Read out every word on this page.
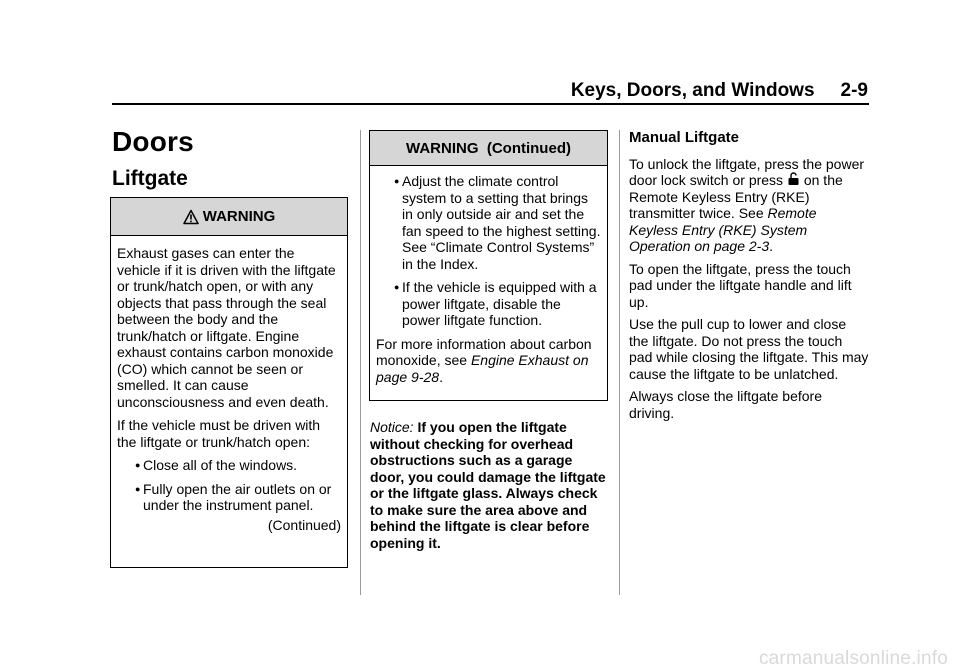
Keys, Doors, and Windows 2-9
Doors
Liftgate
WARNING

Exhaust gases can enter the vehicle if it is driven with the liftgate or trunk/hatch open, or with any objects that pass through the seal between the body and the trunk/hatch or liftgate. Engine exhaust contains carbon monoxide (CO) which cannot be seen or smelled. It can cause unconsciousness and even death.

If the vehicle must be driven with the liftgate or trunk/hatch open:

● Close all of the windows.
● Fully open the air outlets on or under the instrument panel.
(Continued)
WARNING  (Continued)
● Adjust the climate control system to a setting that brings in only outside air and set the fan speed to the highest setting. See “Climate Control Systems” in the Index.
● If the vehicle is equipped with a power liftgate, disable the power liftgate function.

For more information about carbon monoxide, see Engine Exhaust on page 9‑28.

Notice: If you open the liftgate without checking for overhead obstructions such as a garage door, you could damage the liftgate or the liftgate glass. Always check to make sure the area above and behind the liftgate is clear before opening it.
Manual Liftgate

To unlock the liftgate, press the power door lock switch or press  on the Remote Keyless Entry (RKE) transmitter twice. See Remote Keyless Entry (RKE) System Operation on page 2‑3.

To open the liftgate, press the touch pad under the liftgate handle and lift up.

Use the pull cup to lower and close the liftgate. Do not press the touch pad while closing the liftgate. This may cause the liftgate to be unlatched.

Always close the liftgate before driving.

carmanualsonline.info
